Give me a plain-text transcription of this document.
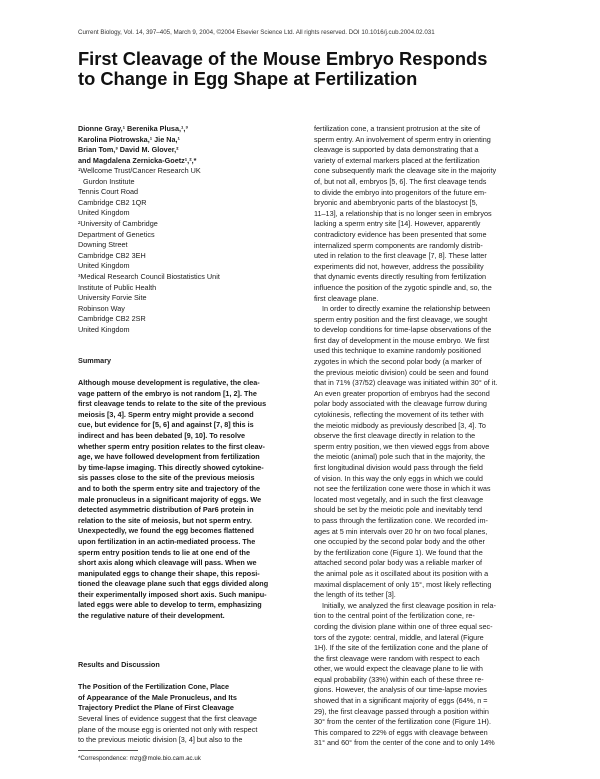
Current Biology, Vol. 14, 397–405, March 9, 2004, ©2004 Elsevier Science Ltd. All rights reserved. DOI 10.1016/j.cub.2004.02.031
First Cleavage of the Mouse Embryo Responds
to Change in Egg Shape at Fertilization
Dionne Gray,¹ Berenika Plusa,¹,³
Karolina Piotrowska,¹ Jie Na,¹
Brian Tom,³ David M. Glover,²
and Magdalena Zernicka-Goetz¹,²,*
¹Wellcome Trust/Cancer Research UK
Gurdon Institute
Tennis Court Road
Cambridge CB2 1QR
United Kingdom
²University of Cambridge
Department of Genetics
Downing Street
Cambridge CB2 3EH
United Kingdom
³Medical Research Council Biostatistics Unit
Institute of Public Health
University Forvie Site
Robinson Way
Cambridge CB2 2SR
United Kingdom
Summary
Although mouse development is regulative, the clea-
vage pattern of the embryo is not random [1, 2]. The
first cleavage tends to relate to the site of the previous
meiosis [3, 4]. Sperm entry might provide a second
cue, but evidence for [5, 6] and against [7, 8] this is
indirect and has been debated [9, 10]. To resolve
whether sperm entry position relates to the first cleav-
age, we have followed development from fertilization
by time-lapse imaging. This directly showed cytokine-
sis passes close to the site of the previous meiosis
and to both the sperm entry site and trajectory of the
male pronucleus in a significant majority of eggs. We
detected asymmetric distribution of Par6 protein in
relation to the site of meiosis, but not sperm entry.
Unexpectedly, we found the egg becomes flattened
upon fertilization in an actin-mediated process. The
sperm entry position tends to lie at one end of the
short axis along which cleavage will pass. When we
manipulated eggs to change their shape, this reposi-
tioned the cleavage plane such that eggs divided along
their experimentally imposed short axis. Such manipu-
lated eggs were able to develop to term, emphasizing
the regulative nature of their development.
Results and Discussion
The Position of the Fertilization Cone, Place
of Appearance of the Male Pronucleus, and Its
Trajectory Predict the Plane of First Cleavage
Several lines of evidence suggest that the first cleavage
plane of the mouse egg is oriented not only with respect
to the previous meiotic division [3, 4] but also to the
*Correspondence: mzg@mole.bio.cam.ac.uk
fertilization cone, a transient protrusion at the site of
sperm entry. An involvement of sperm entry in orienting
cleavage is supported by data demonstrating that a
variety of external markers placed at the fertilization
cone subsequently mark the cleavage site in the majority
of, but not all, embryos [5, 6]. The first cleavage tends
to divide the embryo into progenitors of the future em-
bryonic and abembryonic parts of the blastocyst [5,
11–13], a relationship that is no longer seen in embryos
lacking a sperm entry site [14]. However, apparently
contradictory evidence has been presented that some
internalized sperm components are randomly distrib-
uted in relation to the first cleavage [7, 8]. These latter
experiments did not, however, address the possibility
that dynamic events directly resulting from fertilization
influence the position of the zygotic spindle and, so, the
first cleavage plane.
In order to directly examine the relationship between
sperm entry position and the first cleavage, we sought
to develop conditions for time-lapse observations of the
first day of development in the mouse embryo. We first
used this technique to examine randomly positioned
zygotes in which the second polar body (a marker of
the previous meiotic division) could be seen and found
that in 71% (37/52) cleavage was initiated within 30° of it.
An even greater proportion of embryos had the second
polar body associated with the cleavage furrow during
cytokinesis, reflecting the movement of its tether with
the meiotic midbody as previously described [3, 4]. To
observe the first cleavage directly in relation to the
sperm entry position, we then viewed eggs from above
the meiotic (animal) pole such that in the majority, the
first longitudinal division would pass through the field
of vision. In this way the only eggs in which we could
not see the fertilization cone were those in which it was
located most vegetally, and in such the first cleavage
should be set by the meiotic pole and inevitably tend
to pass through the fertilization cone. We recorded im-
ages at 5 min intervals over 20 hr on two focal planes,
one occupied by the second polar body and the other
by the fertilization cone (Figure 1). We found that the
attached second polar body was a reliable marker of
the animal pole as it oscillated about its position with a
maximal displacement of only 15°, most likely reflecting
the length of its tether [3].
Initially, we analyzed the first cleavage position in rela-
tion to the central point of the fertilization cone, re-
cording the division plane within one of three equal sec-
tors of the zygote: central, middle, and lateral (Figure
1H). If the site of the fertilization cone and the plane of
the first cleavage were random with respect to each
other, we would expect the cleavage plane to lie with
equal probability (33%) within each of these three re-
gions. However, the analysis of our time-lapse movies
showed that in a significant majority of eggs (64%, n =
29), the first cleavage passed through a position within
30° from the center of the fertilization cone (Figure 1H).
This compared to 22% of eggs with cleavage between
31° and 60° from the center of the cone and to only 14%
